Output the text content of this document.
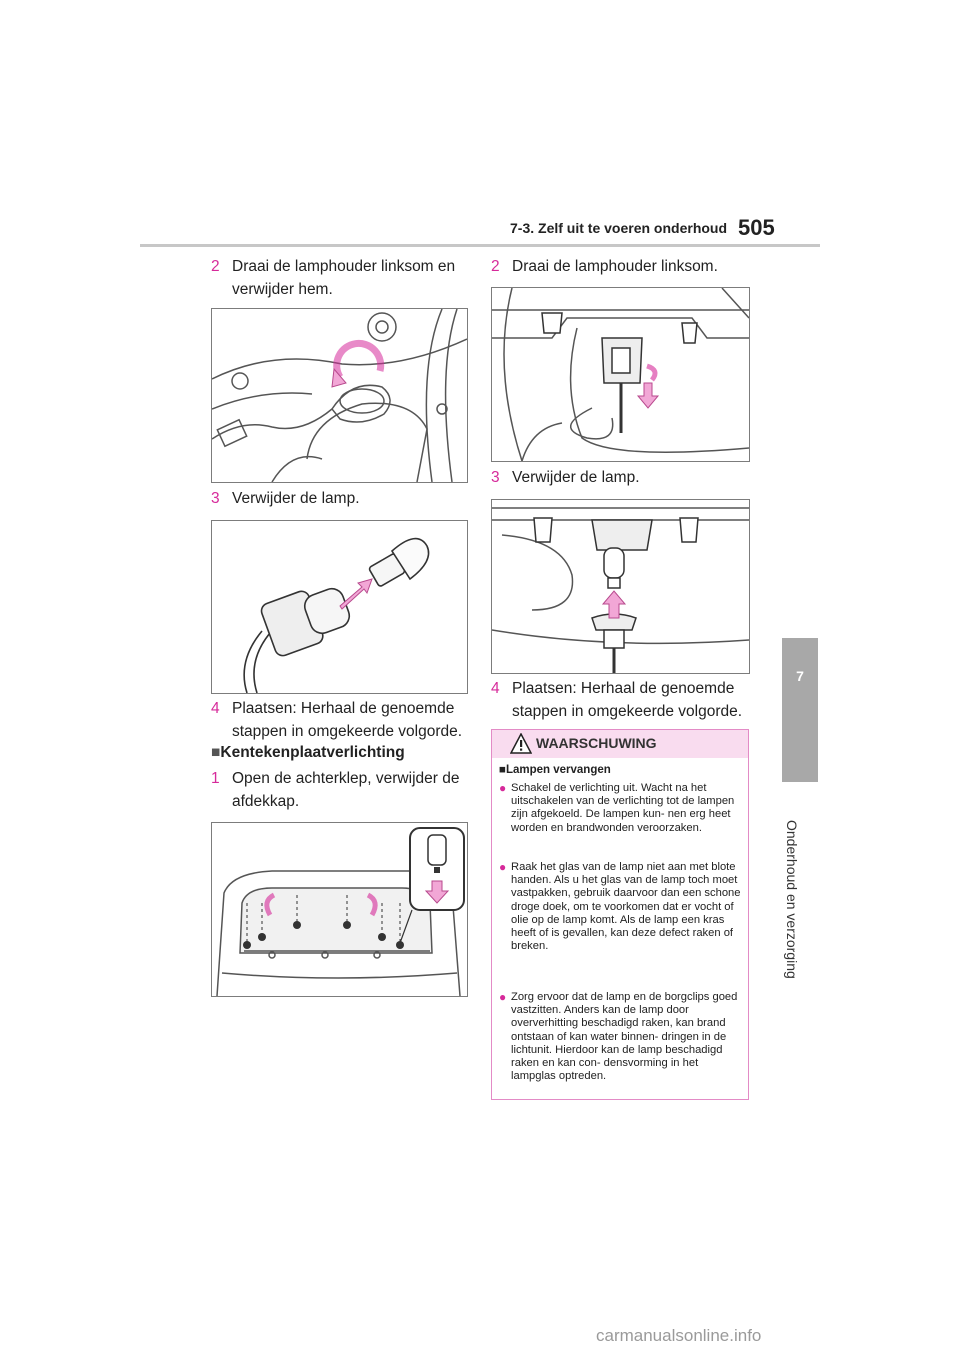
7-3. Zelf uit te voeren onderhoud 505
7
Onderhoud en verzorging
2 Draai de lamphouder linksom en verwijder hem.
3 Verwijder de lamp.
4 Plaatsen: Herhaal de genoemde stappen in omgekeerde volgorde.
■Kentekenplaatverlichting
1 Open de achterklep, verwijder de afdekkap.
2 Draai de lamphouder linksom.
3 Verwijder de lamp.
4 Plaatsen: Herhaal de genoemde stappen in omgekeerde volgorde.
WAARSCHUWING
■Lampen vervangen
● Schakel de verlichting uit. Wacht na het uitschakelen van de verlichting tot de lampen zijn afgekoeld. De lampen kun- nen erg heet worden en brandwonden veroorzaken.
● Raak het glas van de lamp niet aan met blote handen. Als u het glas van de lamp toch moet vastpakken, gebruik daarvoor dan een schone droge doek, om te voorkomen dat er vocht of olie op de lamp komt. Als de lamp een kras heeft of is gevallen, kan deze defect raken of breken.
● Zorg ervoor dat de lamp en de borgclips goed vastzitten. Anders kan de lamp door oververhitting beschadigd raken, kan brand ontstaan of kan water binnen- dringen in de lichtunit. Hierdoor kan de lamp beschadigd raken en kan con- densvorming in het lampglas optreden.
carmanualsonline.info
